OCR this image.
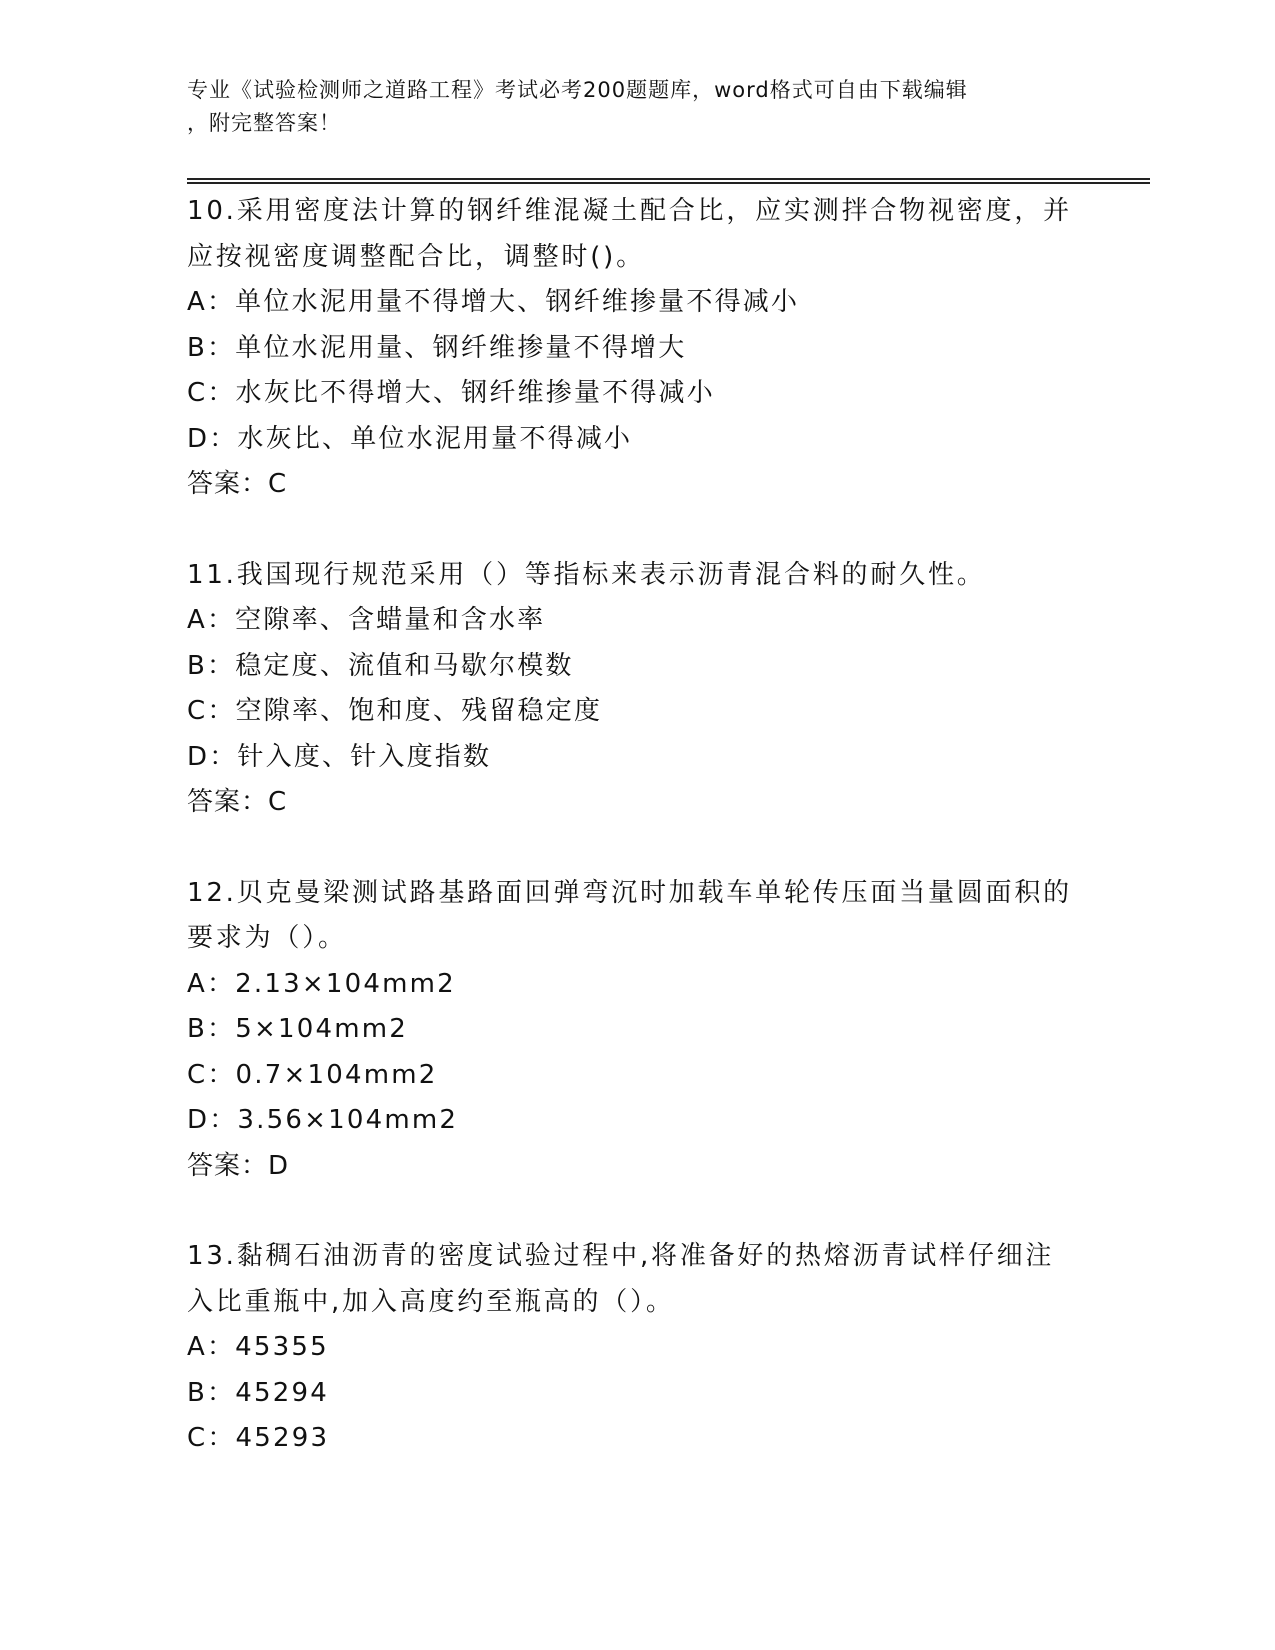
专业《试验检测师之道路工程》考试必考200题题库，word格式可自由下载编辑
，附完整答案！
10.采用密度法计算的钢纤维混凝土配合比，应实测拌合物视密度，并
应按视密度调整配合比，调整时()。
A：单位水泥用量不得增大、钢纤维掺量不得减小
B：单位水泥用量、钢纤维掺量不得增大
C：水灰比不得增大、钢纤维掺量不得减小
D：水灰比、单位水泥用量不得减小
答案：C
11.我国现行规范采用（）等指标来表示沥青混合料的耐久性。
A：空隙率、含蜡量和含水率
B：稳定度、流值和马歇尔模数
C：空隙率、饱和度、残留稳定度
D：针入度、针入度指数
答案：C
12.贝克曼梁测试路基路面回弹弯沉时加载车单轮传压面当量圆面积的
要求为（）。
A：2.13×104mm2
B：5×104mm2
C：0.7×104mm2
D：3.56×104mm2
答案：D
13.黏稠石油沥青的密度试验过程中,将准备好的热熔沥青试样仔细注
入比重瓶中,加入高度约至瓶高的（）。
A：45355
B：45294
C：45293
